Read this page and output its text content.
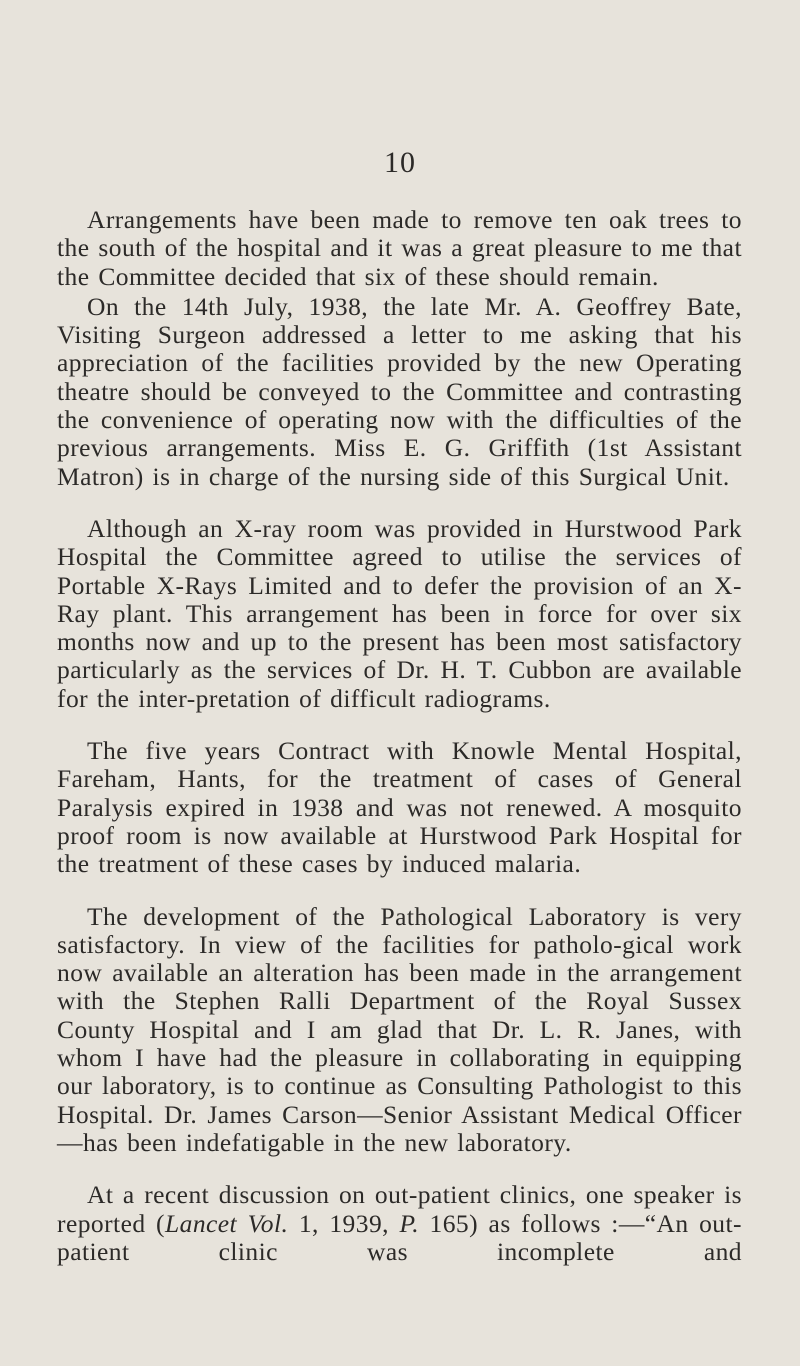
10

Arrangements have been made to remove ten oak trees to the south of the hospital and it was a great pleasure to me that the Committee decided that six of these should remain.

On the 14th July, 1938, the late Mr. A. Geoffrey Bate, Visiting Surgeon addressed a letter to me asking that his appreciation of the facilities provided by the new Operating theatre should be conveyed to the Committee and contrasting the convenience of operating now with the difficulties of the previous arrangements. Miss E. G. Griffith (1st Assistant Matron) is in charge of the nursing side of this Surgical Unit.

Although an X-ray room was provided in Hurstwood Park Hospital the Committee agreed to utilise the services of Portable X-Rays Limited and to defer the provision of an X-Ray plant. This arrangement has been in force for over six months now and up to the present has been most satisfactory particularly as the services of Dr. H. T. Cubbon are available for the inter-pretation of difficult radiograms.

The five years Contract with Knowle Mental Hospital, Fareham, Hants, for the treatment of cases of General Paralysis expired in 1938 and was not renewed. A mosquito proof room is now available at Hurstwood Park Hospital for the treatment of these cases by induced malaria.

The development of the Pathological Laboratory is very satisfactory. In view of the facilities for patholo-gical work now available an alteration has been made in the arrangement with the Stephen Ralli Department of the Royal Sussex County Hospital and I am glad that Dr. L. R. Janes, with whom I have had the pleasure in collaborating in equipping our laboratory, is to continue as Consulting Pathologist to this Hospital. Dr. James Carson—Senior Assistant Medical Officer—has been indefatigable in the new laboratory.

At a recent discussion on out-patient clinics, one speaker is reported (Lancet Vol. 1, 1939, P. 165) as follows :—“An out-patient clinic was incomplete and
